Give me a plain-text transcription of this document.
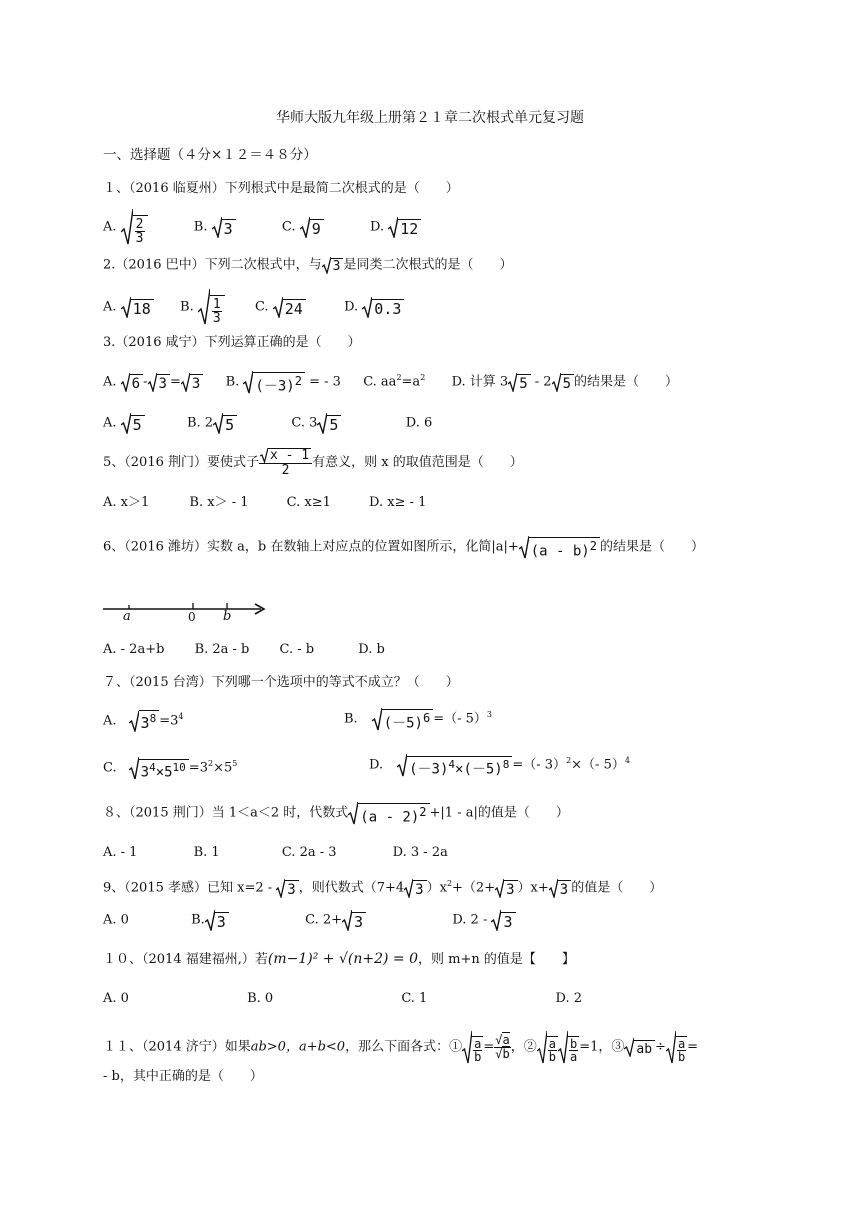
华师大版九年级上册第２１章二次根式单元复习题
一、选择题（４分×１２＝４８分）
１、（2016 临夏州）下列根式中是最简二次根式的是（　　）
A. $\frac{2}{3}$	B. 3	C. 9	D. 12
2.（2016 巴中）下列二次根式中，与 3 是同类二次根式的是（　　）
A. 18 B. $\frac{1}{3}$	C. 24	D. 0.3
3.（2016 咸宁）下列运算正确的是（　　）
A. 6 - 3 = 3 B. $(-3)^2$ = - 3 C. $aa^2=a^2$ D. 计算 3 5 - 2 5 的结果是（　　）
A. 5	B. 2 5	C. 3 5	D. 6
5、（2016 荆门）要使式子 $\frac{x - 1}{2}$ 有意义，则 x 的取值范围是（　　）
A. x＞1	B. x＞ - 1	C. x≥1	D. x≥ - 1
6、（2016 潍坊）实数 a，b 在数轴上对应点的位置如图所示，化简|a|+ (a - b)$^2$ 的结果是（　　）
a	0 b
A. - 2a+b B. 2a - b C. - b	D. b
７、（2015 台湾）下列哪一个选项中的等式不成立？（　　）
A. $3^8 =3^4$	B. $(-5)^6$ =（- 5）$^3$
C. $3^4\times 5^{10} =3^2\times 5^5$	D. $(-3)^4\times(-5)^8$ =（- 3）$^2$×（- 5）$^4$
８、（2015 荆门）当 1＜a＜2 时，代数式 (a - 2)$^2$ +|1 - a|的值是（　　）
A. - 1	B. 1	C. 2a - 3	D. 3 - 2a
9、（2015 孝感）已知 x=2 - 3 ，则代数式（7+4 3 ）$x^2+(2+ 3$ ）x+ 3 的值是（　　）
A. 0	B. 3	C. 2+ 3	D. 2 - 3
１０、（2014 福建福州,）若(m−1)² + √(n+2) = 0，则 m+n 的值是【　　】
A. 0	B. 0	C. 1	D. 2
１１、（2014 济宁）如果ab>0，a+b<0，那么下面各式：① $\frac{a}{b} = \frac{√a}{√b}$ ，② $\frac{a}{b} \frac{b}{a} =1$，③ ab ÷ $\frac{a}{b}$ =
- b，其中正确的是（　　）
